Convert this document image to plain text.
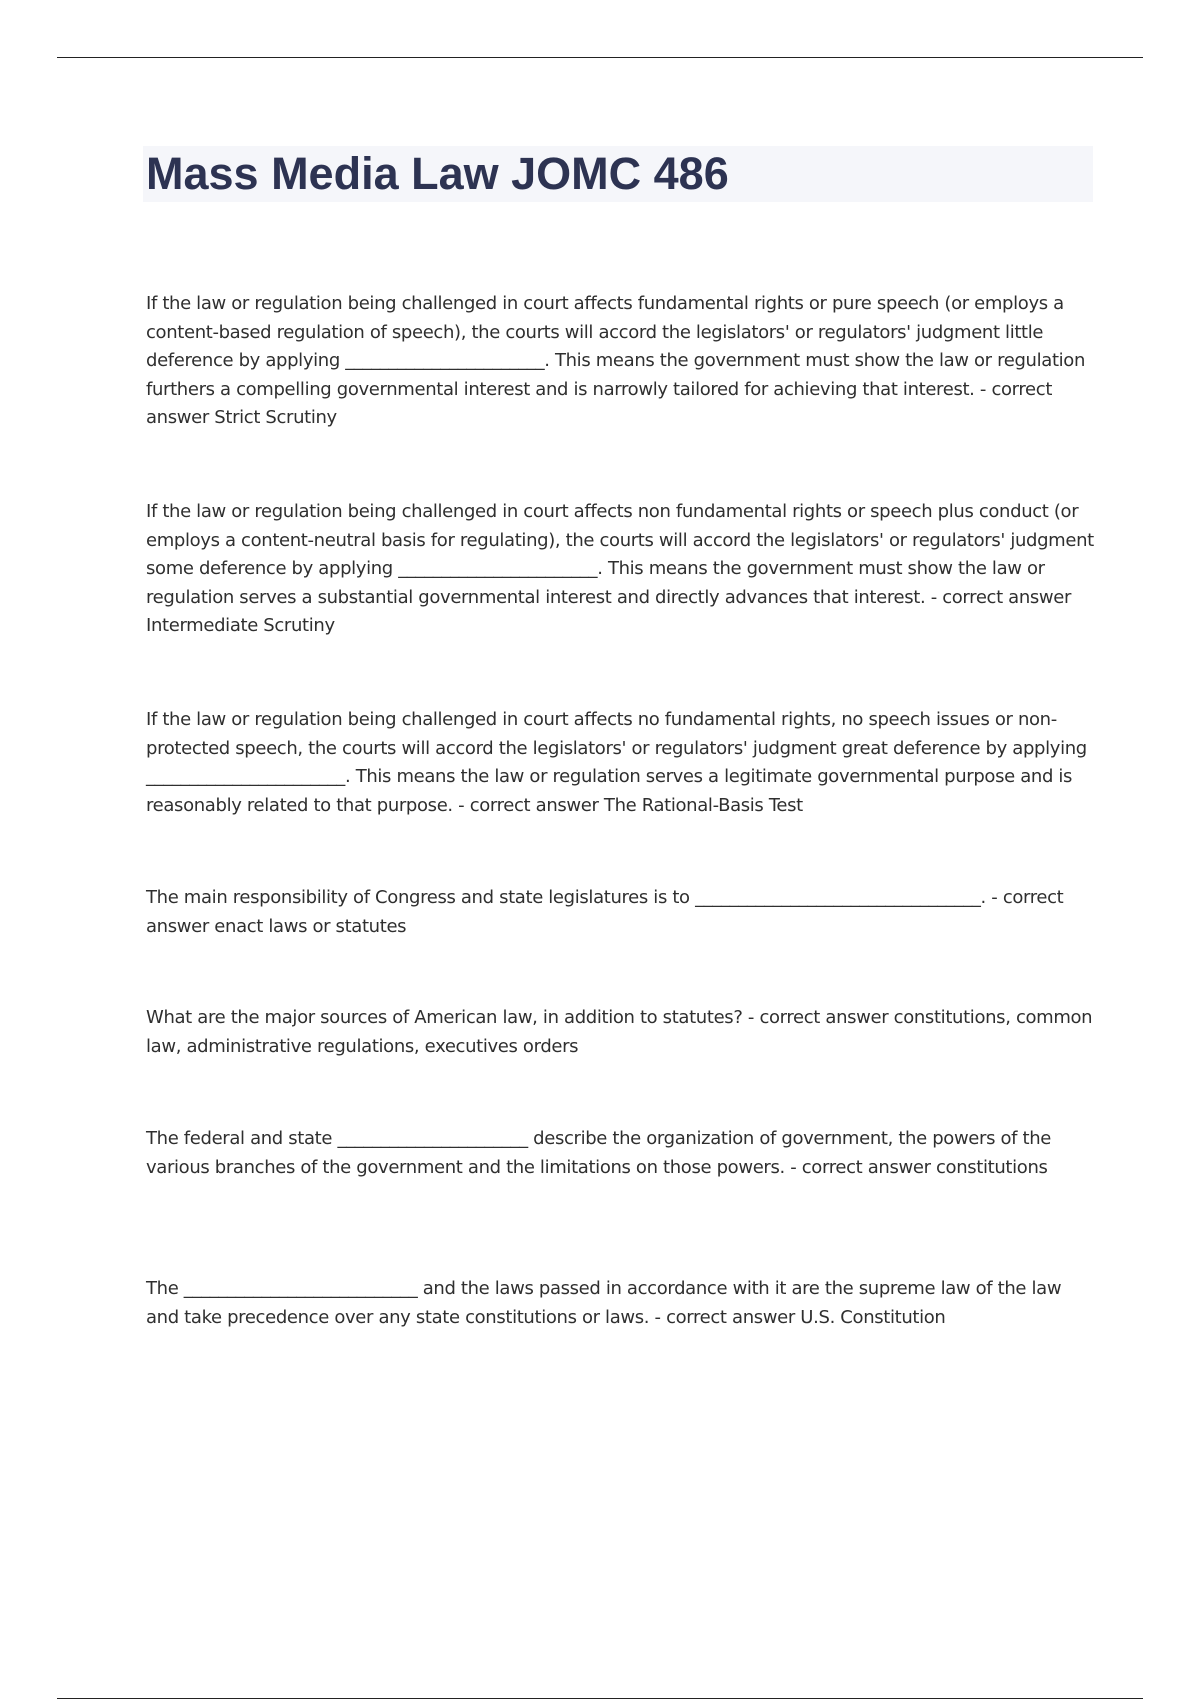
Mass Media Law JOMC 486

If the law or regulation being challenged in court affects fundamental rights or pure speech (or employs a content-based regulation of speech), the courts will accord the legislators' or regulators' judgment little deference by applying _______________________. This means the government must show the law or regulation furthers a compelling governmental interest and is narrowly tailored for achieving that interest. - correct answer Strict Scrutiny

If the law or regulation being challenged in court affects non fundamental rights or speech plus conduct (or employs a content-neutral basis for regulating), the courts will accord the legislators' or regulators' judgment some deference by applying _______________________. This means the government must show the law or regulation serves a substantial governmental interest and directly advances that interest. - correct answer Intermediate Scrutiny

If the law or regulation being challenged in court affects no fundamental rights, no speech issues or non-protected speech, the courts will accord the legislators' or regulators' judgment great deference by applying _______________________. This means the law or regulation serves a legitimate governmental purpose and is reasonably related to that purpose. - correct answer The Rational-Basis Test

The main responsibility of Congress and state legislatures is to _________________________________. - correct answer enact laws or statutes

What are the major sources of American law, in addition to statutes? - correct answer constitutions, common law, administrative regulations, executives orders

The federal and state ______________________ describe the organization of government, the powers of the various branches of the government and the limitations on those powers. - correct answer constitutions

The ___________________________ and the laws passed in accordance with it are the supreme law of the law and take precedence over any state constitutions or laws. - correct answer U.S. Constitution
